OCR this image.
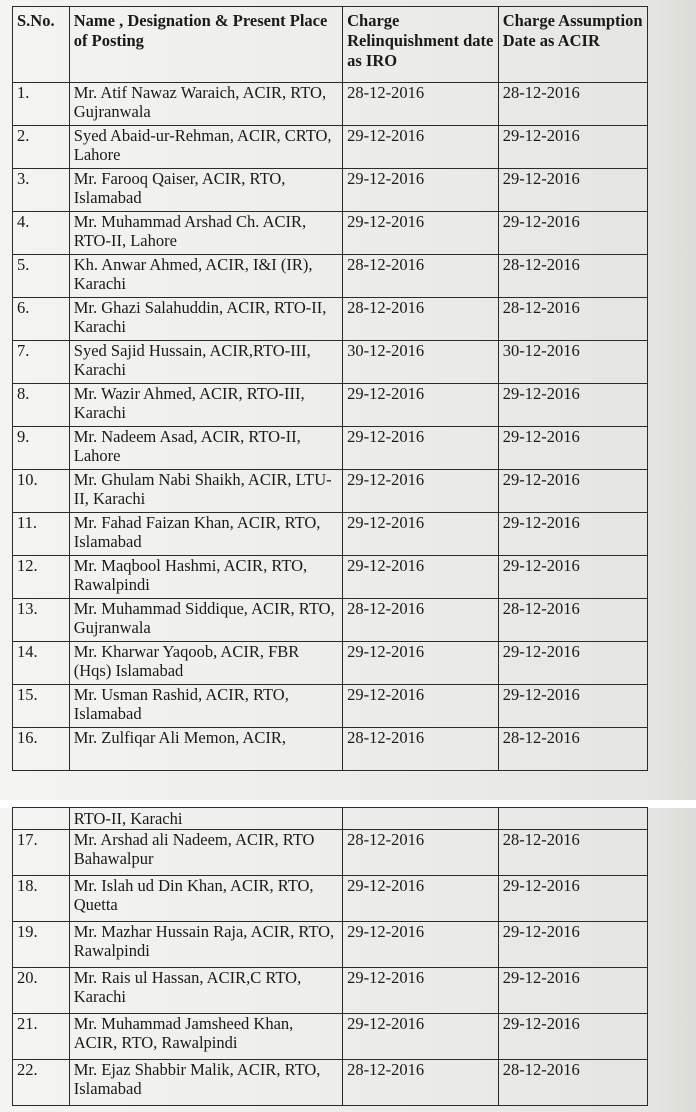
S.No.	Name , Designation & Present Place of Posting	Charge Relinquishment date as IRO	Charge Assumption Date as ACIR
1.	Mr. Atif Nawaz Waraich, ACIR, RTO, Gujranwala	28-12-2016	28-12-2016
2.	Syed Abaid-ur-Rehman, ACIR, CRTO, Lahore	29-12-2016	29-12-2016
3.	Mr. Farooq Qaiser, ACIR, RTO, Islamabad	29-12-2016	29-12-2016
4.	Mr. Muhammad Arshad Ch. ACIR, RTO-II, Lahore	29-12-2016	29-12-2016
5.	Kh. Anwar Ahmed, ACIR, I&I (IR), Karachi	28-12-2016	28-12-2016
6.	Mr. Ghazi Salahuddin, ACIR, RTO-II, Karachi	28-12-2016	28-12-2016
7.	Syed Sajid Hussain, ACIR,RTO-III, Karachi	30-12-2016	30-12-2016
8.	Mr. Wazir Ahmed, ACIR, RTO-III, Karachi	29-12-2016	29-12-2016
9.	Mr. Nadeem Asad, ACIR, RTO-II, Lahore	29-12-2016	29-12-2016
10.	Mr. Ghulam Nabi Shaikh, ACIR, LTU-II, Karachi	29-12-2016	29-12-2016
11.	Mr. Fahad Faizan Khan, ACIR, RTO, Islamabad	29-12-2016	29-12-2016
12.	Mr. Maqbool Hashmi, ACIR, RTO, Rawalpindi	29-12-2016	29-12-2016
13.	Mr. Muhammad Siddique, ACIR, RTO, Gujranwala	28-12-2016	28-12-2016
14.	Mr. Kharwar Yaqoob, ACIR, FBR (Hqs) Islamabad	29-12-2016	29-12-2016
15.	Mr. Usman Rashid, ACIR, RTO, Islamabad	29-12-2016	29-12-2016
16.	Mr. Zulfiqar Ali Memon, ACIR,	28-12-2016	28-12-2016
	RTO-II, Karachi		
17.	Mr. Arshad ali Nadeem, ACIR, RTO Bahawalpur	28-12-2016	28-12-2016
18.	Mr. Islah ud Din Khan, ACIR, RTO, Quetta	29-12-2016	29-12-2016
19.	Mr. Mazhar Hussain Raja, ACIR, RTO, Rawalpindi	29-12-2016	29-12-2016
20.	Mr. Rais ul Hassan, ACIR,C RTO, Karachi	29-12-2016	29-12-2016
21.	Mr. Muhammad Jamsheed Khan, ACIR, RTO, Rawalpindi	29-12-2016	29-12-2016
22.	Mr. Ejaz Shabbir Malik, ACIR, RTO, Islamabad	28-12-2016	28-12-2016
